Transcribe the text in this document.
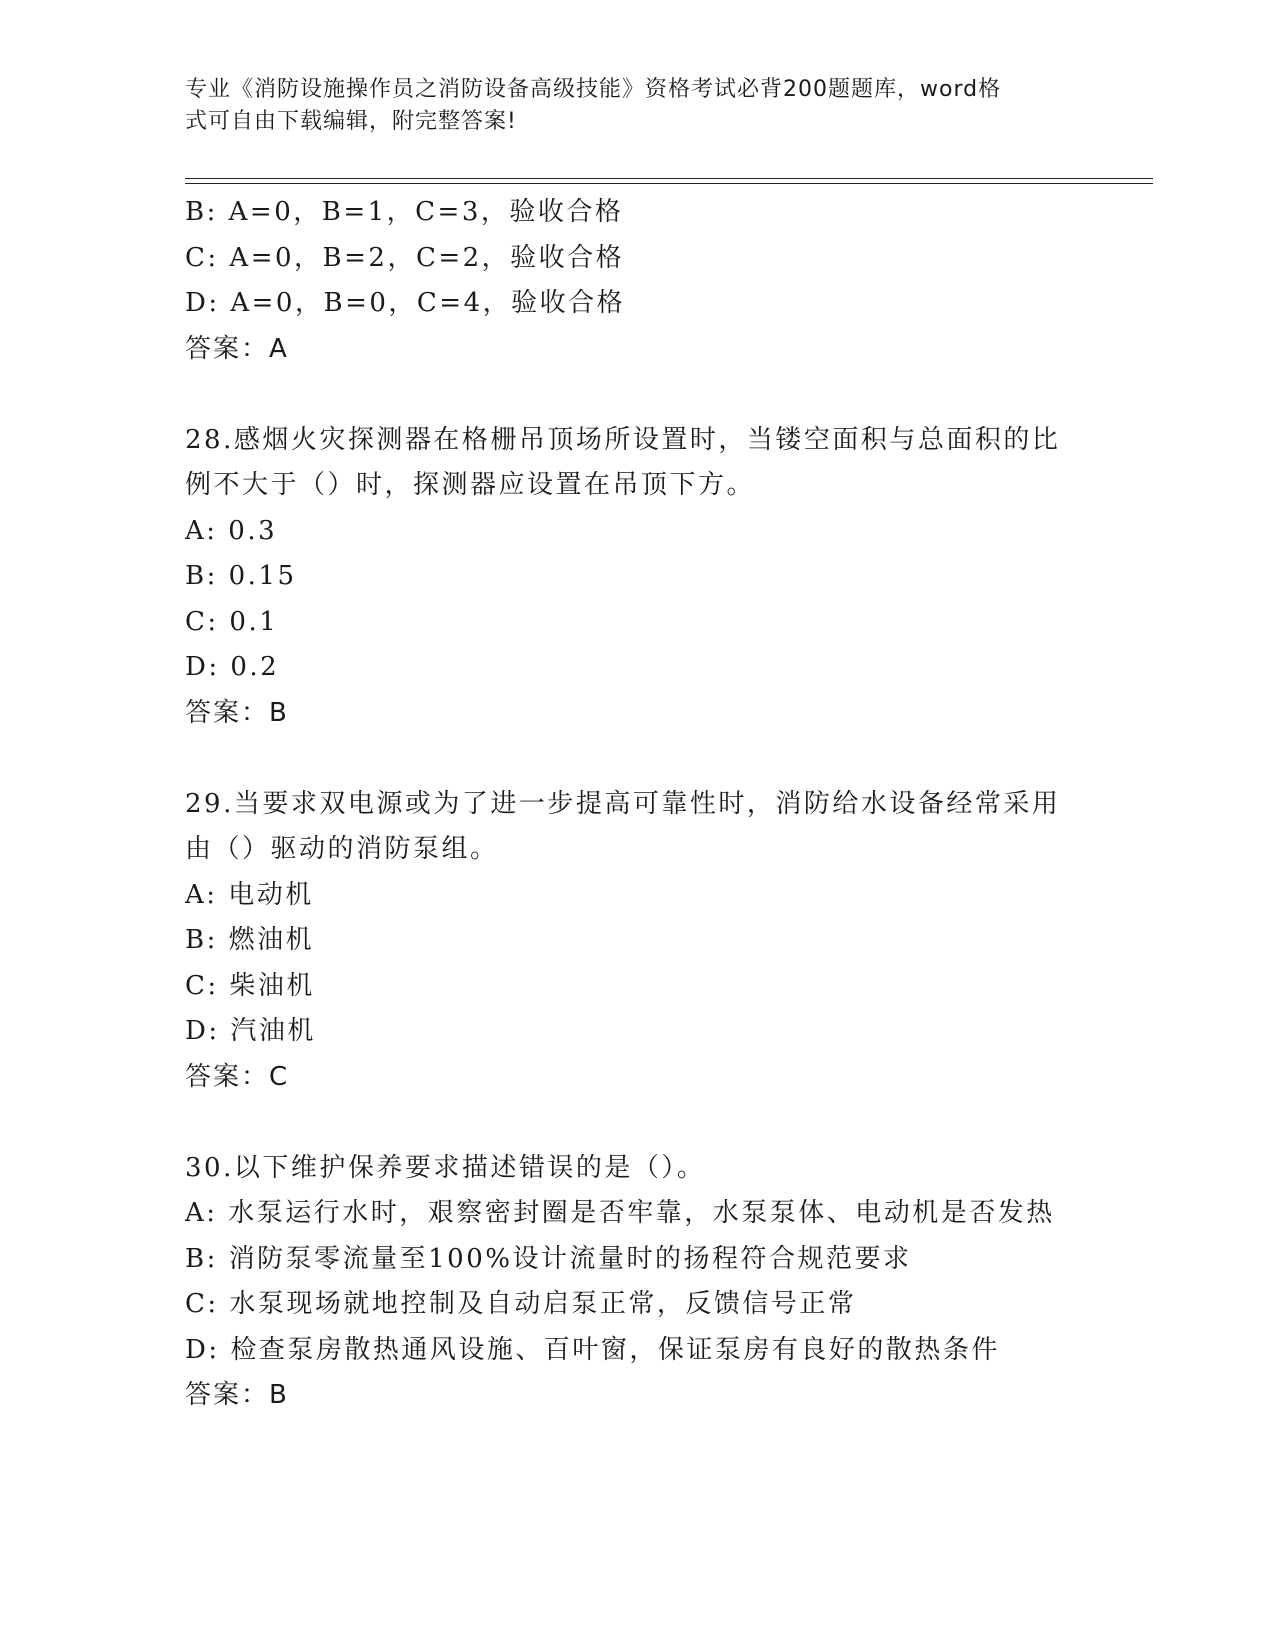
专业《消防设施操作员之消防设备高级技能》资格考试必背200题题库，word格
式可自由下载编辑，附完整答案!
B: A=0，B=1，C=3，验收合格
C: A=0，B=2，C=2，验收合格
D: A=0，B=0，C=4，验收合格
答案：A
28.感烟火灾探测器在格栅吊顶场所设置时，当镂空面积与总面积的比
例不大于（）时，探测器应设置在吊顶下方。
A: 0.3
B: 0.15
C: 0.1
D: 0.2
答案：B
29.当要求双电源或为了进一步提高可靠性时，消防给水设备经常采用
由（）驱动的消防泵组。
A: 电动机
B: 燃油机
C: 柴油机
D: 汽油机
答案：C
30.以下维护保养要求描述错误的是（）。
A: 水泵运行水时，艰察密封圈是否牢靠，水泵泵体、电动机是否发热
B: 消防泵零流量至100%设计流量时的扬程符合规范要求
C: 水泵现场就地控制及自动启泵正常，反馈信号正常
D: 检查泵房散热通风设施、百叶窗，保证泵房有良好的散热条件
答案：B
